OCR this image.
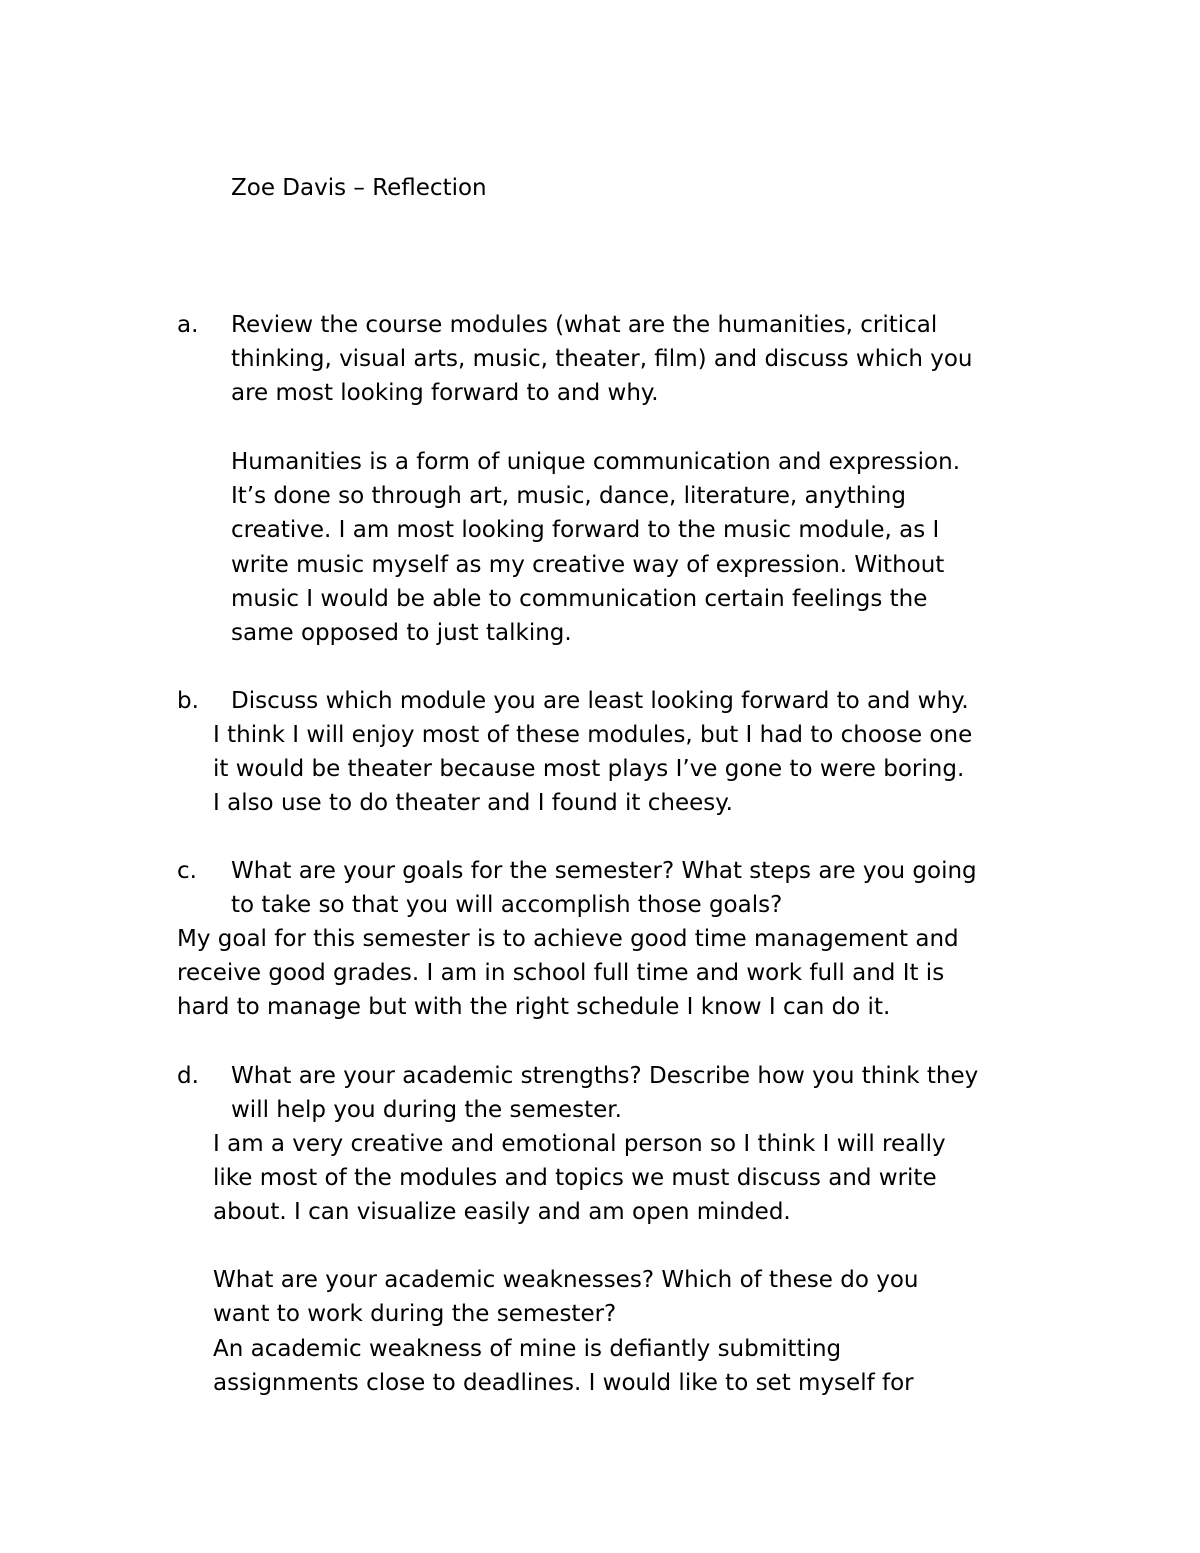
Zoe Davis – Reflection
a. Review the course modules (what are the humanities, critical
thinking, visual arts, music, theater, film) and discuss which you
are most looking forward to and why.
Humanities is a form of unique communication and expression.
It’s done so through art, music, dance, literature, anything
creative. I am most looking forward to the music module, as I
write music myself as my creative way of expression. Without
music I would be able to communication certain feelings the
same opposed to just talking.
b. Discuss which module you are least looking forward to and why.
I think I will enjoy most of these modules, but I had to choose one
it would be theater because most plays I’ve gone to were boring.
I also use to do theater and I found it cheesy.
c. What are your goals for the semester? What steps are you going
to take so that you will accomplish those goals?
My goal for this semester is to achieve good time management and
receive good grades. I am in school full time and work full and It is
hard to manage but with the right schedule I know I can do it.
d. What are your academic strengths? Describe how you think they
will help you during the semester.
I am a very creative and emotional person so I think I will really
like most of the modules and topics we must discuss and write
about. I can visualize easily and am open minded.
What are your academic weaknesses? Which of these do you
want to work during the semester?
An academic weakness of mine is defiantly submitting
assignments close to deadlines. I would like to set myself for
